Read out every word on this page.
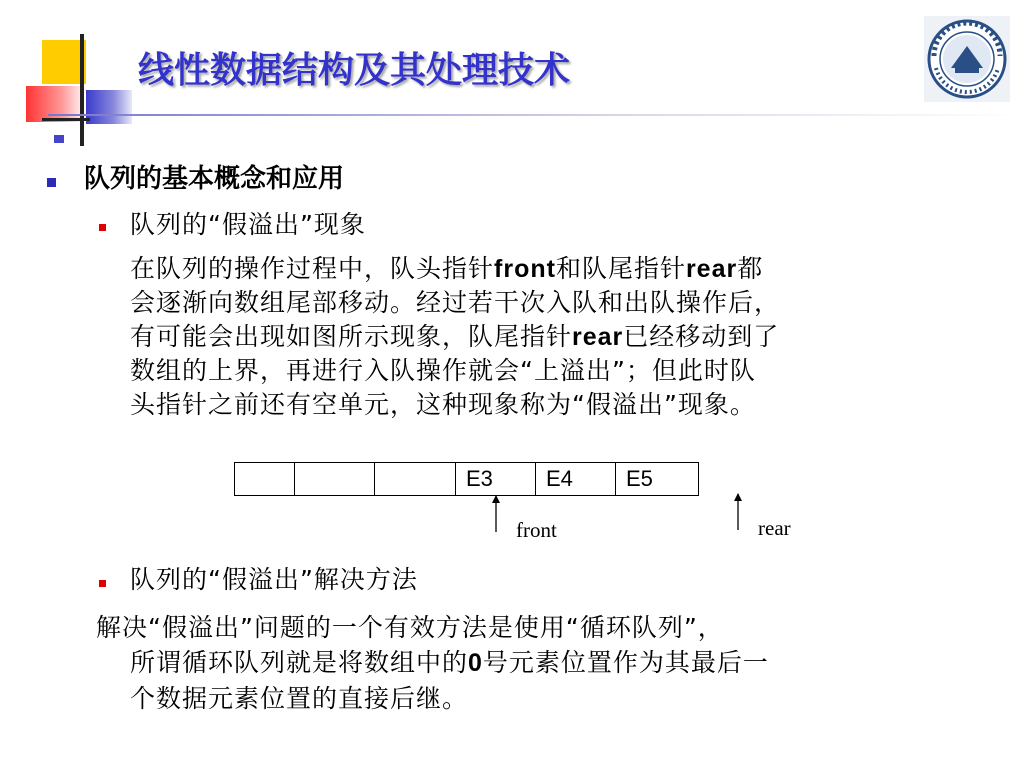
线性数据结构及其处理技术
队列的基本概念和应用
队列的“假溢出”现象
在队列的操作过程中，队头指针front和队尾指针rear都
会逐渐向数组尾部移动。经过若干次入队和出队操作后，
有可能会出现如图所示现象，队尾指针rear已经移动到了
数组的上界，再进行入队操作就会“上溢出”；但此时队
头指针之前还有空单元，这种现象称为“假溢出”现象。
E3	E4	E5
front	rear
队列的“假溢出”解决方法
解决“假溢出”问题的一个有效方法是使用“循环队列”，
所谓循环队列就是将数组中的0号元素位置作为其最后一
个数据元素位置的直接后继。
